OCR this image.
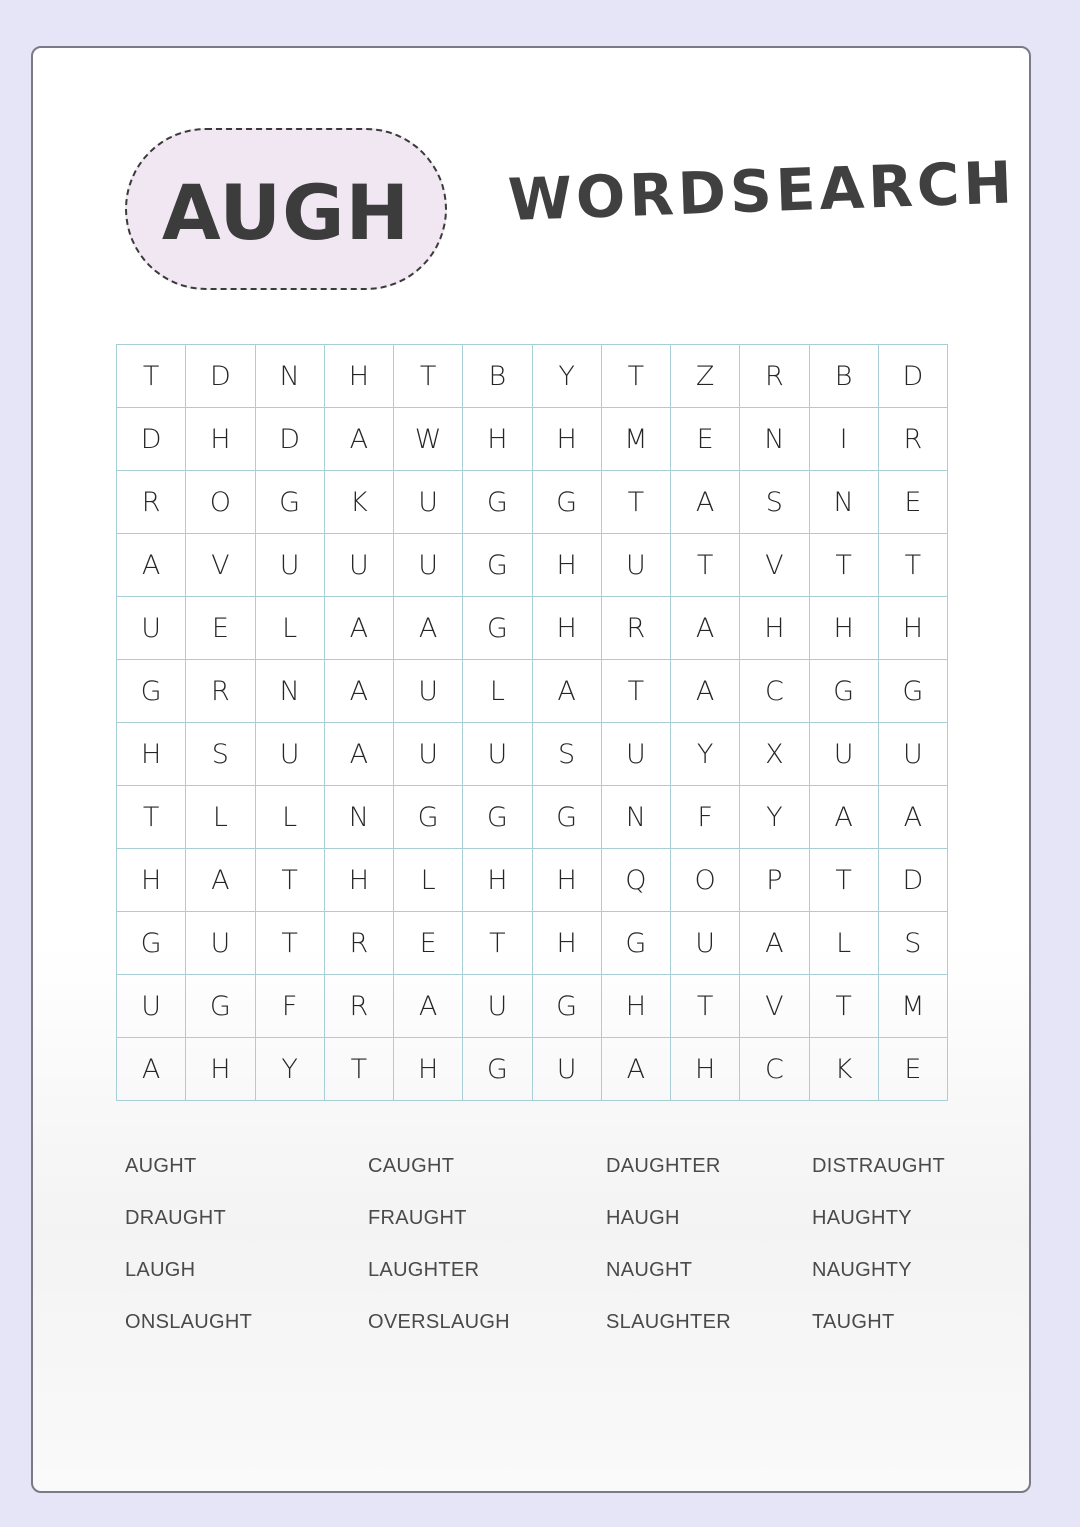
AUGH WORDSEARCH
T	D	N	H	T	B	Y	T	Z	R	B	D
D	H	D	A	W	H	H	M	E	N	I	R
R	O	G	K	U	G	G	T	A	S	N	E
A	V	U	U	U	G	H	U	T	V	T	T
U	E	L	A	A	G	H	R	A	H	H	H
G	R	N	A	U	L	A	T	A	C	G	G
H	S	U	A	U	U	S	U	Y	X	U	U
T	L	L	N	G	G	G	N	F	Y	A	A
H	A	T	H	L	H	H	Q	O	P	T	D
G	U	T	R	E	T	H	G	U	A	L	S
U	G	F	R	A	U	G	H	T	V	T	M
A	H	Y	T	H	G	U	A	H	C	K	E
AUGHT	CAUGHT	DAUGHTER	DISTRAUGHT
DRAUGHT	FRAUGHT	HAUGH	HAUGHTY
LAUGH	LAUGHTER	NAUGHT	NAUGHTY
ONSLAUGHT	OVERSLAUGH	SLAUGHTER	TAUGHT
